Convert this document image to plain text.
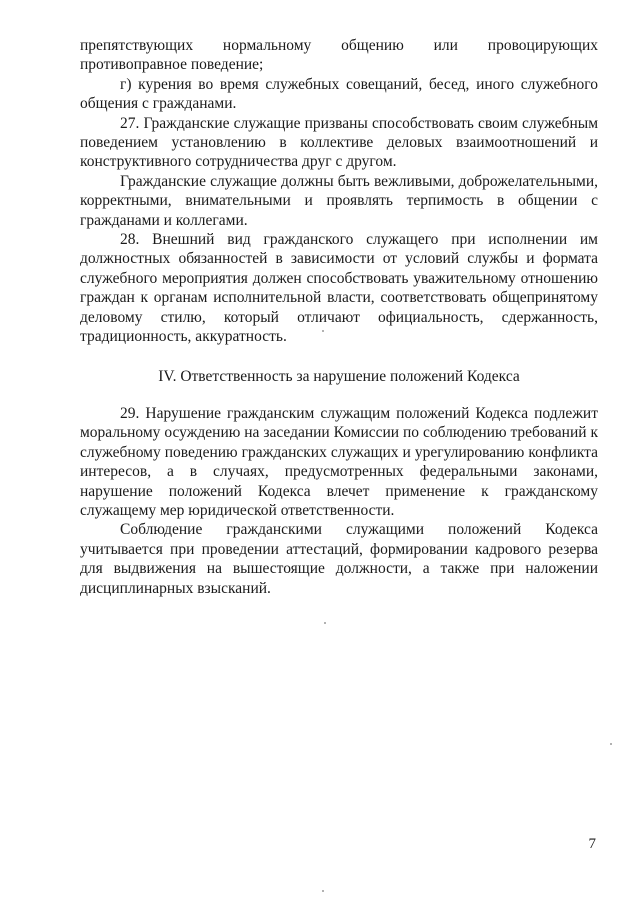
препятствующих нормальному общению или провоцирующих противоправное поведение;

г) курения во время служебных совещаний, бесед, иного служебного общения с гражданами.

27. Гражданские служащие призваны способствовать своим служебным поведением установлению в коллективе деловых взаимоотношений и конструктивного сотрудничества друг с другом.

Гражданские служащие должны быть вежливыми, доброжелательными, корректными, внимательными и проявлять терпимость в общении с гражданами и коллегами.

28. Внешний вид гражданского служащего при исполнении им должностных обязанностей в зависимости от условий службы и формата служебного мероприятия должен способствовать уважительному отношению граждан к органам исполнительной власти, соответствовать общепринятому деловому стилю, который отличают официальность, сдержанность, традиционность, аккуратность.

IV. Ответственность за нарушение положений Кодекса

29. Нарушение гражданским служащим положений Кодекса подлежит моральному осуждению на заседании Комиссии по соблюдению требований к служебному поведению гражданских служащих и урегулированию конфликта интересов, а в случаях, предусмотренных федеральными законами, нарушение положений Кодекса влечет применение к гражданскому служащему мер юридической ответственности.

Соблюдение гражданскими служащими положений Кодекса учитывается при проведении аттестаций, формировании кадрового резерва для выдвижения на вышестоящие должности, а также при наложении дисциплинарных взысканий.

7
